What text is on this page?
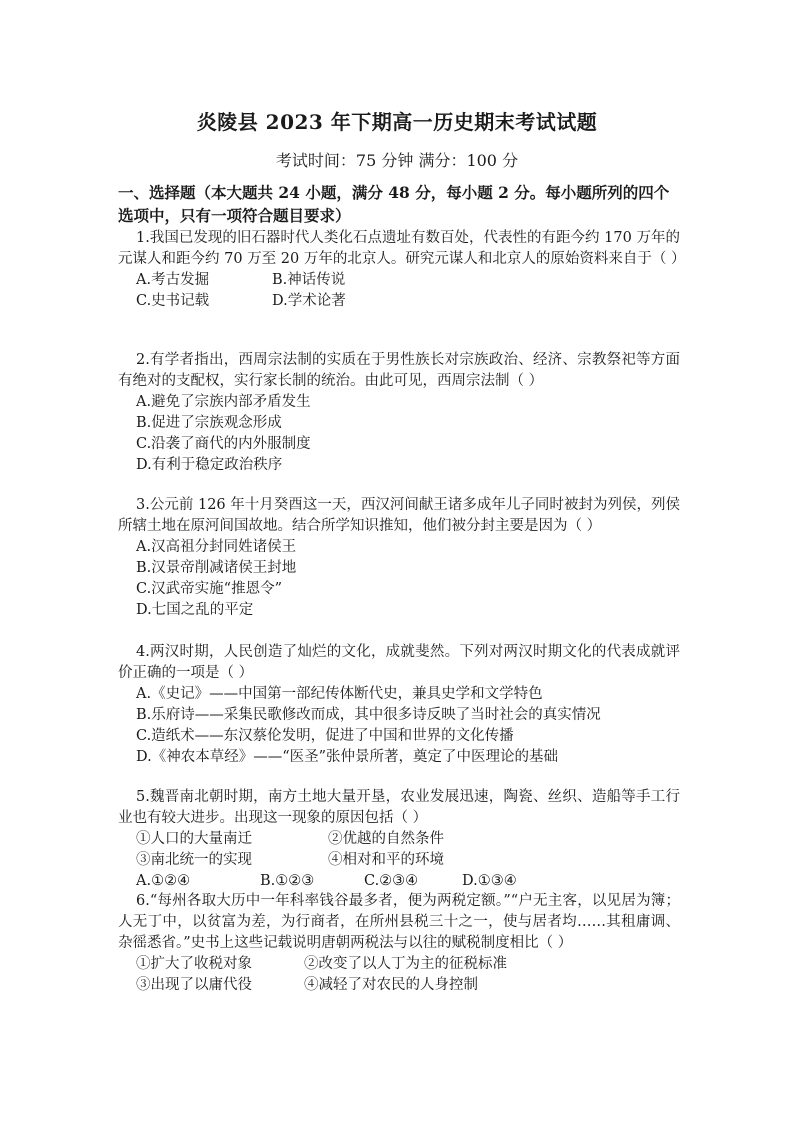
炎陵县 2023 年下期高一历史期末考试试题
考试时间：75 分钟 满分：100 分
一、选择题（本大题共 24 小题，满分 48 分，每小题 2 分。每小题所列的四个选项中，只有一项符合题目要求）

1.我国已发现的旧石器时代人类化石点遗址有数百处，代表性的有距今约 170 万年的元谋人和距今约 70 万至 20 万年的北京人。研究元谋人和北京人的原始资料来自于（ ）

A.考古发掘	B.神话传说
C.史书记载	D.学术论著

2.有学者指出，西周宗法制的实质在于男性族长对宗族政治、经济、宗教祭祀等方面有绝对的支配权，实行家长制的统治。由此可见，西周宗法制（ ）

A.避免了宗族内部矛盾发生
B.促进了宗族观念形成
C.沿袭了商代的内外服制度
D.有利于稳定政治秩序

3.公元前 126 年十月癸酉这一天，西汉河间献王诸多成年儿子同时被封为列侯，列侯所辖土地在原河间国故地。结合所学知识推知，他们被分封主要是因为（ ）

A.汉高祖分封同姓诸侯王
B.汉景帝削减诸侯王封地
C.汉武帝实施“推恩令”
D.七国之乱的平定

4.两汉时期，人民创造了灿烂的文化，成就斐然。下列对两汉时期文化的代表成就评价正确的一项是（ ）

A.《史记》——中国第一部纪传体断代史，兼具史学和文学特色
B.乐府诗——采集民歌修改而成，其中很多诗反映了当时社会的真实情况
C.造纸术——东汉蔡伦发明，促进了中国和世界的文化传播
D.《神农本草经》——“医圣”张仲景所著，奠定了中医理论的基础

5.魏晋南北朝时期，南方土地大量开垦，农业发展迅速，陶瓷、丝织、造船等手工行业也有较大进步。出现这一现象的原因包括（ ）

①人口的大量南迁	②优越的自然条件
③南北统一的实现	④相对和平的环境
A.①②④	B.①②③	C.②③④	D.①③④

6.“每州各取大历中一年科率钱谷最多者，便为两税定额。”“户无主客，以见居为簿；人无丁中，以贫富为差，为行商者，在所州县税三十之一，使与居者均……其租庸调、杂徭悉省。”史书上这些记载说明唐朝两税法与以往的赋税制度相比（ ）

①扩大了收税对象	②改变了以人丁为主的征税标准
③出现了以庸代役	④减轻了对农民的人身控制
